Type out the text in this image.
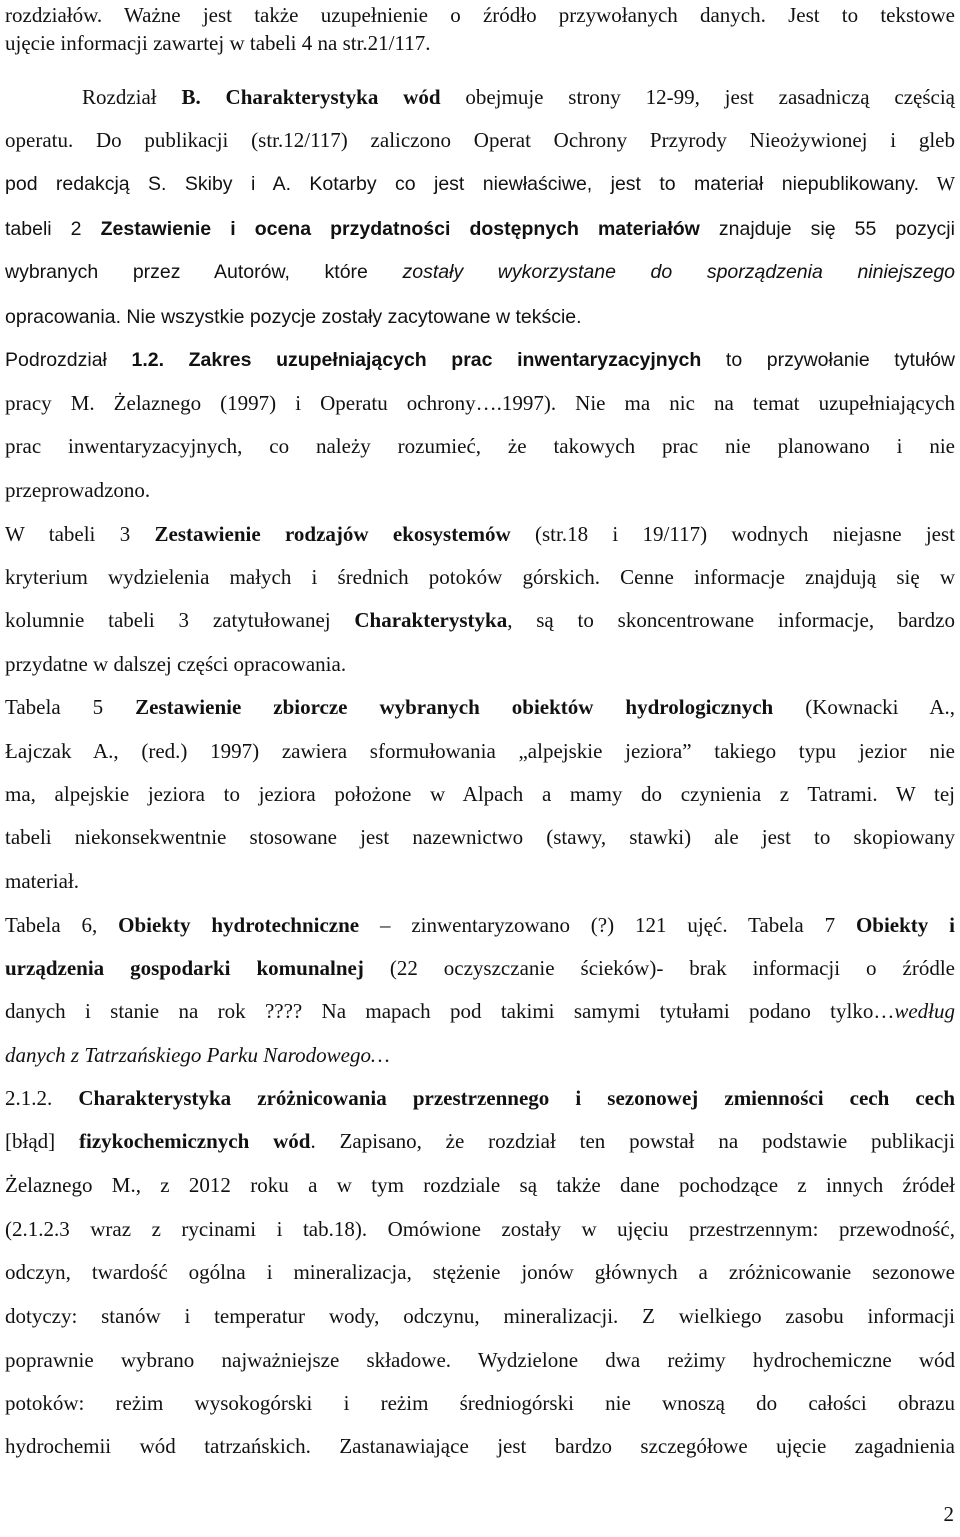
rozdziałów. Ważne jest także uzupełnienie o źródło przywołanych danych. Jest to tekstowe
ujęcie informacji zawartej w tabeli 4 na str.21/117.
Rozdział B. Charakterystyka wód obejmuje strony 12-99, jest zasadniczą częścią
operatu. Do publikacji (str.12/117) zaliczono Operat Ochrony Przyrody Nieożywionej i gleb
pod redakcją S. Skiby i A. Kotarby co jest niewłaściwe, jest to materiał niepublikowany. W
tabeli 2 Zestawienie i ocena przydatności dostępnych materiałów znajduje się 55 pozycji
wybranych przez Autorów, które zostały wykorzystane do sporządzenia niniejszego
opracowania. Nie wszystkie pozycje zostały zacytowane w tekście.
Podrozdział 1.2. Zakres uzupełniających prac inwentaryzacyjnych to przywołanie tytułów
pracy M. Żelaznego (1997) i Operatu ochrony….1997). Nie ma nic na temat uzupełniających
prac inwentaryzacyjnych, co należy rozumieć, że takowych prac nie planowano i nie
przeprowadzono.
W tabeli 3 Zestawienie rodzajów ekosystemów (str.18 i 19/117) wodnych niejasne jest
kryterium wydzielenia małych i średnich potoków górskich. Cenne informacje znajdują się w
kolumnie tabeli 3 zatytułowanej Charakterystyka, są to skoncentrowane informacje, bardzo
przydatne w dalszej części opracowania.
Tabela 5 Zestawienie zbiorcze wybranych obiektów hydrologicznych (Kownacki A.,
Łajczak A., (red.) 1997) zawiera sformułowania „alpejskie jeziora” takiego typu jezior nie
ma, alpejskie jeziora to jeziora położone w Alpach a mamy do czynienia z Tatrami. W tej
tabeli niekonsekwentnie stosowane jest nazewnictwo (stawy, stawki) ale jest to skopiowany
materiał.
Tabela 6, Obiekty hydrotechniczne – zinwentaryzowano (?) 121 ujęć. Tabela 7 Obiekty i
urządzenia gospodarki komunalnej (22 oczyszczanie ścieków)- brak informacji o źródle
danych i stanie na rok ???? Na mapach pod takimi samymi tytułami podano tylko…według
danych z Tatrzańskiego Parku Narodowego…
2.1.2. Charakterystyka zróżnicowania przestrzennego i sezonowej zmienności cech cech
[błąd] fizykochemicznych wód. Zapisano, że rozdział ten powstał na podstawie publikacji
Żelaznego M., z 2012 roku a w tym rozdziale są także dane pochodzące z innych źródeł
(2.1.2.3 wraz z rycinami i tab.18). Omówione zostały w ujęciu przestrzennym: przewodność,
odczyn, twardość ogólna i mineralizacja, stężenie jonów głównych a zróżnicowanie sezonowe
dotyczy: stanów i temperatur wody, odczynu, mineralizacji. Z wielkiego zasobu informacji
poprawnie wybrano najważniejsze składowe. Wydzielone dwa reżimy hydrochemiczne wód
potoków: reżim wysokogórski i reżim średniogórski nie wnoszą do całości obrazu
hydrochemii wód tatrzańskich. Zastanawiające jest bardzo szczegółowe ujęcie zagadnienia
2
